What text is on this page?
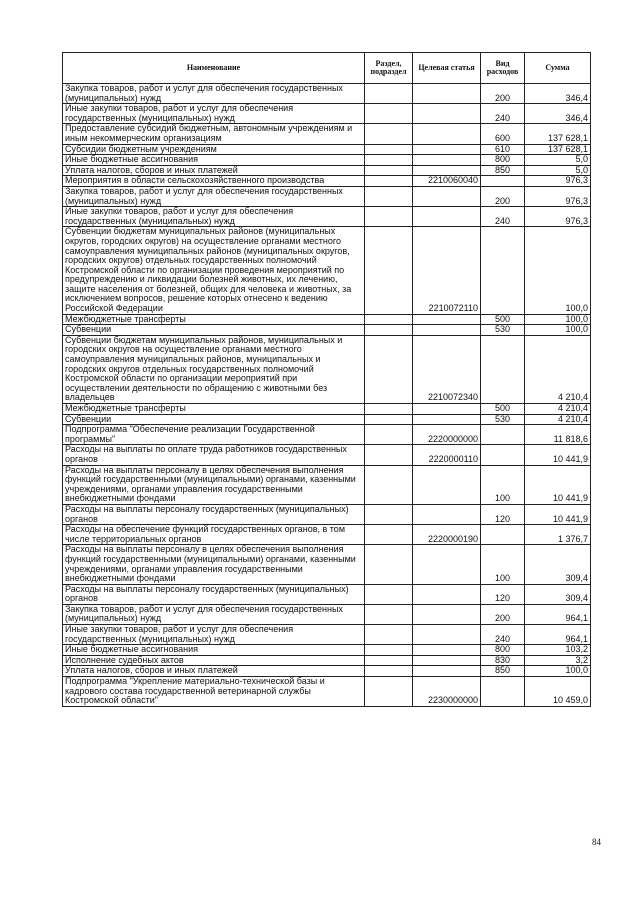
Наименование	Раздел, подраздел	Целевая статья	Вид расходов	Сумма
Закупка товаров, работ и услуг для обеспечения государственных (муниципальных) нужд			200	346,4
Иные закупки товаров, работ и услуг для обеспечения государственных (муниципальных) нужд			240	346,4
Предоставление субсидий бюджетным, автономным учреждениям и иным некоммерческим организациям			600	137 628,1
Субсидии бюджетным учреждениям			610	137 628,1
Иные бюджетные ассигнования			800	5,0
Уплата налогов, сборов и иных платежей			850	5,0
Мероприятия в области сельскохозяйственного производства		2210060040		976,3
Закупка товаров, работ и услуг для обеспечения государственных (муниципальных) нужд			200	976,3
Иные закупки товаров, работ и услуг для обеспечения государственных (муниципальных) нужд			240	976,3
Субвенции бюджетам муниципальных районов (муниципальных округов, городских округов) на осуществление органами местного самоуправления муниципальных районов (муниципальных округов, городских округов) отдельных государственных полномочий Костромской области по организации проведения мероприятий по предупреждению и ликвидации болезней животных, их лечению, защите населения от болезней, общих для человека и животных, за исключением вопросов, решение которых отнесено к ведению Российской Федерации		2210072110		100,0
Межбюджетные трансферты			500	100,0
Субвенции			530	100,0
Субвенции бюджетам муниципальных районов, муниципальных и городских округов на осуществление органами местного самоуправления муниципальных районов, муниципальных и городских округов отдельных государственных полномочий Костромской области по организации мероприятий при осуществлении деятельности по обращению с животными без владельцев		2210072340		4 210,4
Межбюджетные трансферты			500	4 210,4
Субвенции			530	4 210,4
Подпрограмма "Обеспечение реализации Государственной программы"		2220000000		11 818,6
Расходы на выплаты по оплате труда работников государственных органов		2220000110		10 441,9
Расходы на выплаты персоналу в целях обеспечения выполнения функций государственными (муниципальными) органами, казенными учреждениями, органами управления государственными внебюджетными фондами			100	10 441,9
Расходы на выплаты персоналу государственных (муниципальных) органов			120	10 441,9
Расходы на обеспечение функций государственных органов, в том числе территориальных органов		2220000190		1 376,7
Расходы на выплаты персоналу в целях обеспечения выполнения функций государственными (муниципальными) органами, казенными учреждениями, органами управления государственными внебюджетными фондами			100	309,4
Расходы на выплаты персоналу государственных (муниципальных) органов			120	309,4
Закупка товаров, работ и услуг для обеспечения государственных (муниципальных) нужд			200	964,1
Иные закупки товаров, работ и услуг для обеспечения государственных (муниципальных) нужд			240	964,1
Иные бюджетные ассигнования			800	103,2
Исполнение судебных актов			830	3,2
Уплата налогов, сборов и иных платежей			850	100,0
Подпрограмма "Укрепление материально-технической базы и кадрового состава государственной ветеринарной службы Костромской области"		2230000000		10 459,0
84
